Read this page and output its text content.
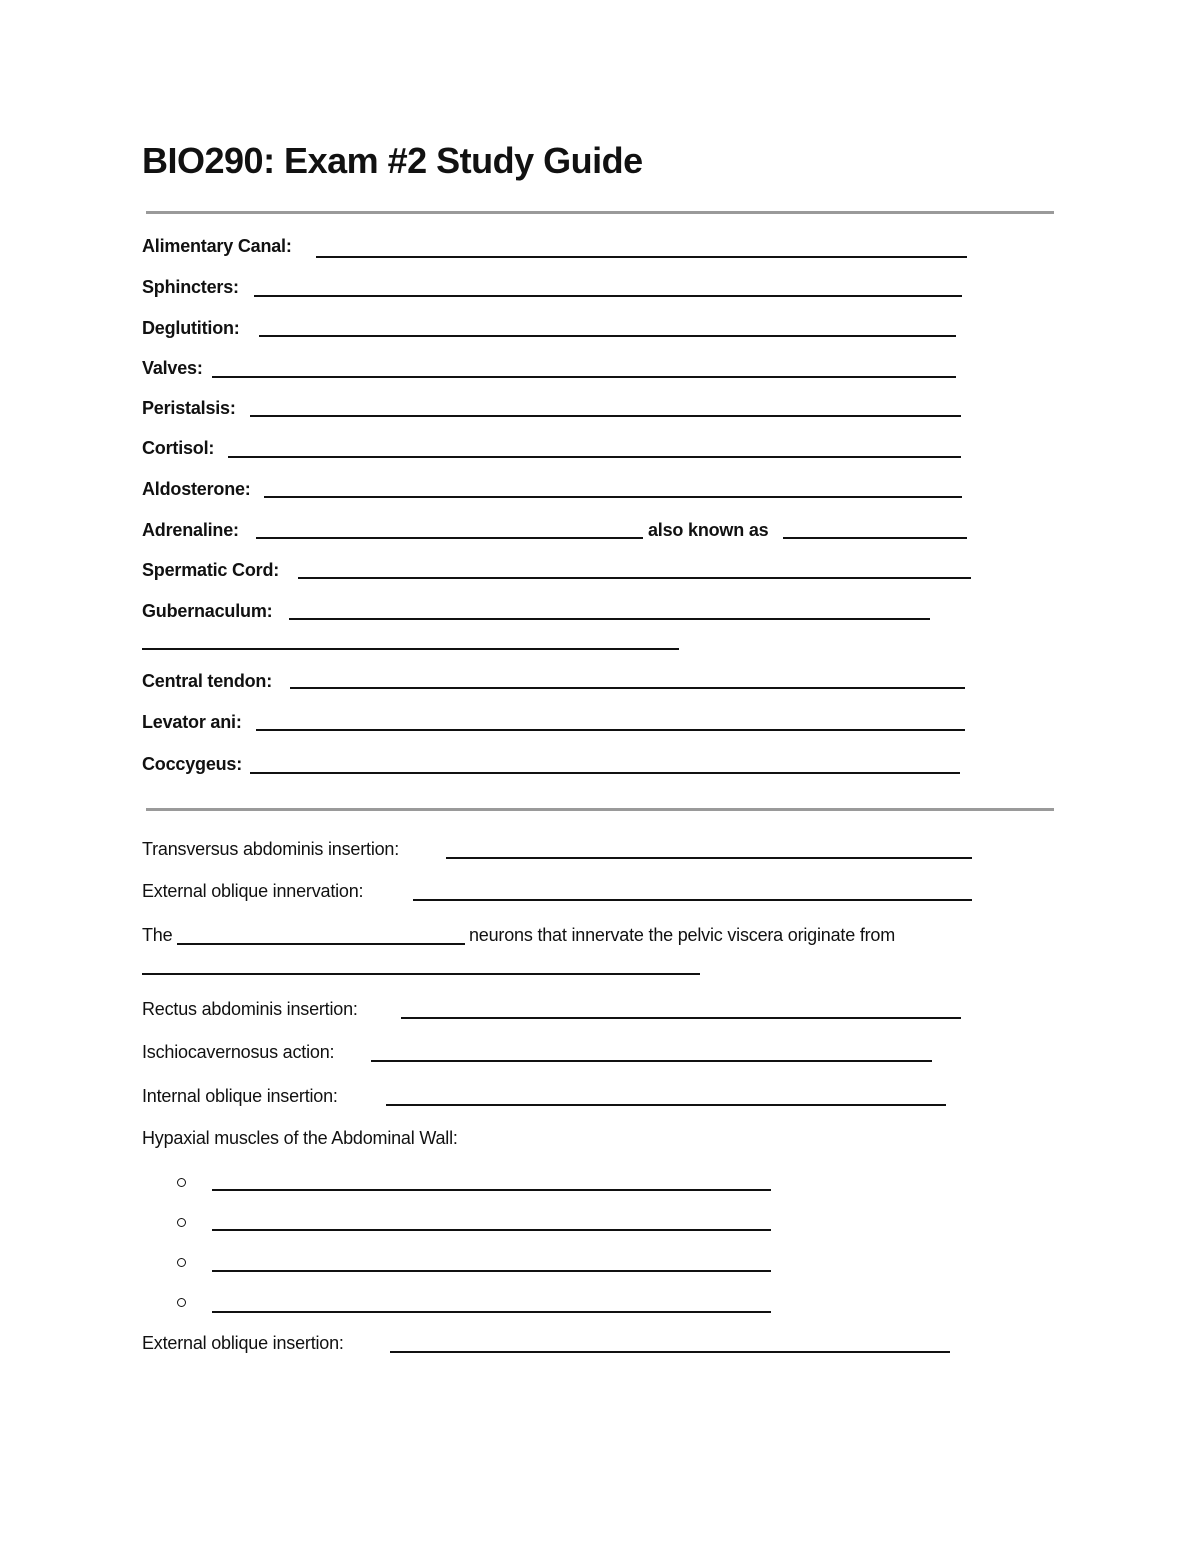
BIO290: Exam #2 Study Guide
Alimentary Canal:
Sphincters:
Deglutition:
Valves:
Peristalsis:
Cortisol:
Aldosterone:
Adrenaline:	also known as
Spermatic Cord:
Gubernaculum:
Central tendon:
Levator ani:
Coccygeus:
Transversus abdominis insertion:
External oblique innervation:
The	neurons that innervate the pelvic viscera originate from
Rectus abdominis insertion:
Ischiocavernosus action:
Internal oblique insertion:
Hypaxial muscles of the Abdominal Wall:
External oblique insertion:
